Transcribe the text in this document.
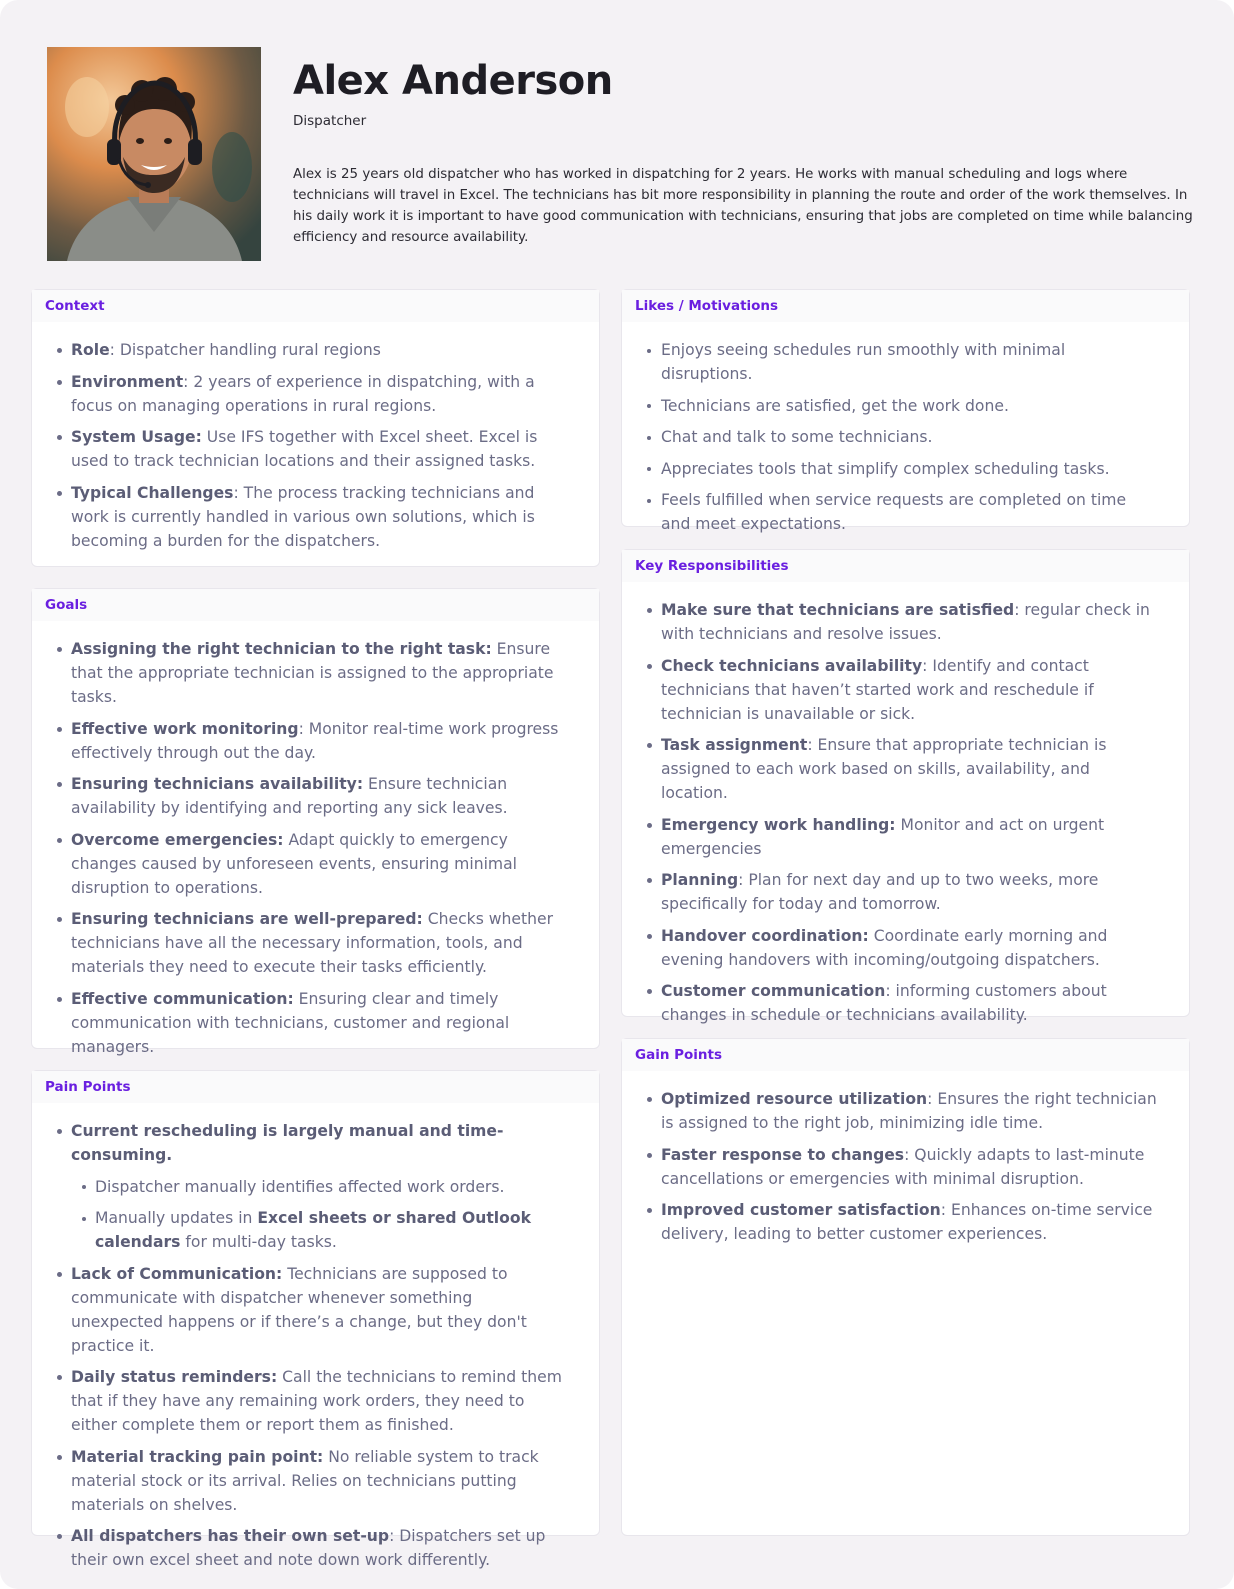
Alex Anderson
Dispatcher
Alex is 25 years old dispatcher who has worked in dispatching for 2 years. He works with manual scheduling and logs where technicians will travel in Excel. The technicians has bit more responsibility in planning the route and order of the work themselves. In his daily work it is important to have good communication with technicians, ensuring that jobs are completed on time while balancing efficiency and resource availability.
Context
Role: Dispatcher handling rural regions
Environment: 2 years of experience in dispatching, with a focus on managing operations in rural regions.
System Usage: Use IFS together with Excel sheet. Excel is used to track technician locations and their assigned tasks.
Typical Challenges: The process tracking technicians and work is currently handled in various own solutions, which is becoming a burden for the dispatchers.
Goals
Assigning the right technician to the right task: Ensure that the appropriate technician is assigned to the appropriate tasks.
Effective work monitoring: Monitor real-time work progress effectively through out the day.
Ensuring technicians availability: Ensure technician availability by identifying and reporting any sick leaves.
Overcome emergencies: Adapt quickly to emergency changes caused by unforeseen events, ensuring minimal disruption to operations.
Ensuring technicians are well-prepared: Checks whether technicians have all the necessary information, tools, and materials they need to execute their tasks efficiently.
Effective communication: Ensuring clear and timely communication with technicians, customer and regional managers.
Pain Points
Current rescheduling is largely manual and time-consuming.
Dispatcher manually identifies affected work orders.
Manually updates in Excel sheets or shared Outlook calendars for multi-day tasks.
Lack of Communication: Technicians are supposed to communicate with dispatcher whenever something unexpected happens or if there’s a change, but they don't practice it.
Daily status reminders: Call the technicians to remind them that if they have any remaining work orders, they need to either complete them or report them as finished.
Material tracking pain point: No reliable system to track material stock or its arrival. Relies on technicians putting materials on shelves.
All dispatchers has their own set-up: Dispatchers set up their own excel sheet and note down work differently.
Likes / Motivations
Enjoys seeing schedules run smoothly with minimal disruptions.
Technicians are satisfied, get the work done.
Chat and talk to some technicians.
Appreciates tools that simplify complex scheduling tasks.
Feels fulfilled when service requests are completed on time and meet expectations.
Key Responsibilities
Make sure that technicians are satisfied: regular check in with technicians and resolve issues.
Check technicians availability: Identify and contact technicians that haven’t started work and reschedule if technician is unavailable or sick.
Task assignment: Ensure that appropriate technician is assigned to each work based on skills, availability, and location.
Emergency work handling: Monitor and act on urgent emergencies
Planning: Plan for next day and up to two weeks, more specifically for today and tomorrow.
Handover coordination: Coordinate early morning and evening handovers with incoming/outgoing dispatchers.
Customer communication: informing customers about changes in schedule or technicians availability.
Gain Points
Optimized resource utilization: Ensures the right technician is assigned to the right job, minimizing idle time.
Faster response to changes: Quickly adapts to last-minute cancellations or emergencies with minimal disruption.
Improved customer satisfaction: Enhances on-time service delivery, leading to better customer experiences.
